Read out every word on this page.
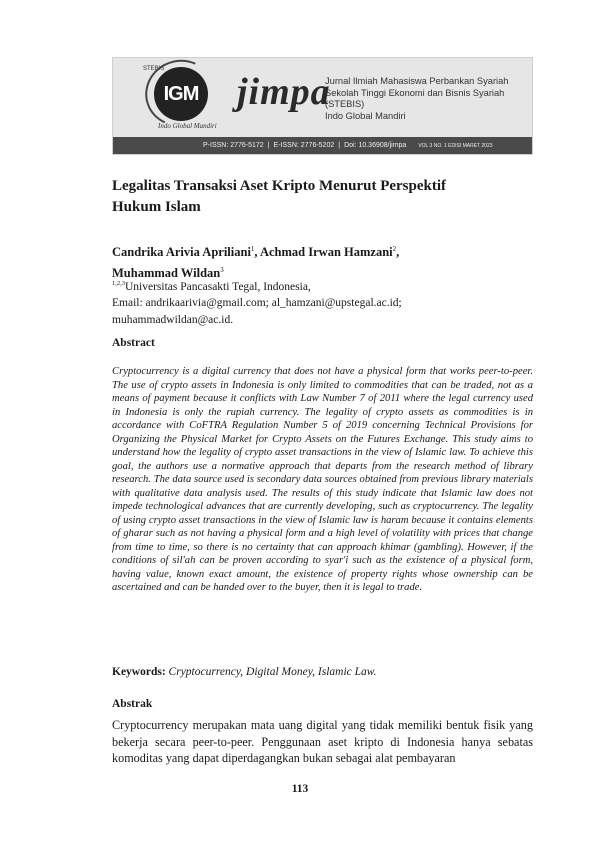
STEBIS
IGM
Indo Global Mandiri
jimpa
Jurnal Ilmiah Mahasiswa Perbankan Syariah
Sekolah Tinggi Ekonomi dan Bisnis Syariah (STEBIS)
Indo Global Mandiri
P-ISSN: 2776-5172 | E-ISSN: 2776-5202 | Doi: 10.36908/jimpa VOL 3 NO. 1 EDISI MARET 2023
Legalitas Transaksi Aset Kripto Menurut Perspektif Hukum Islam
Candrika Arivia Apriliani$^1$, Achmad Irwan Hamzani$^2$,
Muhammad Wildan$^3$
$^{1,2,3}$Universitas Pancasakti Tegal, Indonesia,
Email: andrikaarivia@gmail.com; al_hamzani@upstegal.ac.id;
muhammadwildan@ac.id.
Abstract
Cryptocurrency is a digital currency that does not have a physical form that works peer-to-peer. The use of crypto assets in Indonesia is only limited to commodities that can be traded, not as a means of payment because it conflicts with Law Number 7 of 2011 where the legal currency used in Indonesia is only the rupiah currency. The legality of crypto assets as commodities is in accordance with CoFTRA Regulation Number 5 of 2019 concerning Technical Provisions for Organizing the Physical Market for Crypto Assets on the Futures Exchange. This study aims to understand how the legality of crypto asset transactions in the view of Islamic law. To achieve this goal, the authors use a normative approach that departs from the research method of library research. The data source used is secondary data sources obtained from previous library materials with qualitative data analysis used. The results of this study indicate that Islamic law does not impede technological advances that are currently developing, such as cryptocurrency. The legality of using crypto asset transactions in the view of Islamic law is haram because it contains elements of gharar such as not having a physical form and a high level of volatility with prices that change from time to time, so there is no certainty that can approach khimar (gambling). However, if the conditions of sil'ah can be proven according to syar'i such as the existence of a physical form, having value, known exact amount, the existence of property rights whose ownership can be ascertained and can be handed over to the buyer, then it is legal to trade.
Keywords: Cryptocurrency, Digital Money, Islamic Law.
Abstrak
Cryptocurrency merupakan mata uang digital yang tidak memiliki bentuk fisik yang bekerja secara peer-to-peer. Penggunaan aset kripto di Indonesia hanya sebatas komoditas yang dapat diperdagangkan bukan sebagai alat pembayaran
113
